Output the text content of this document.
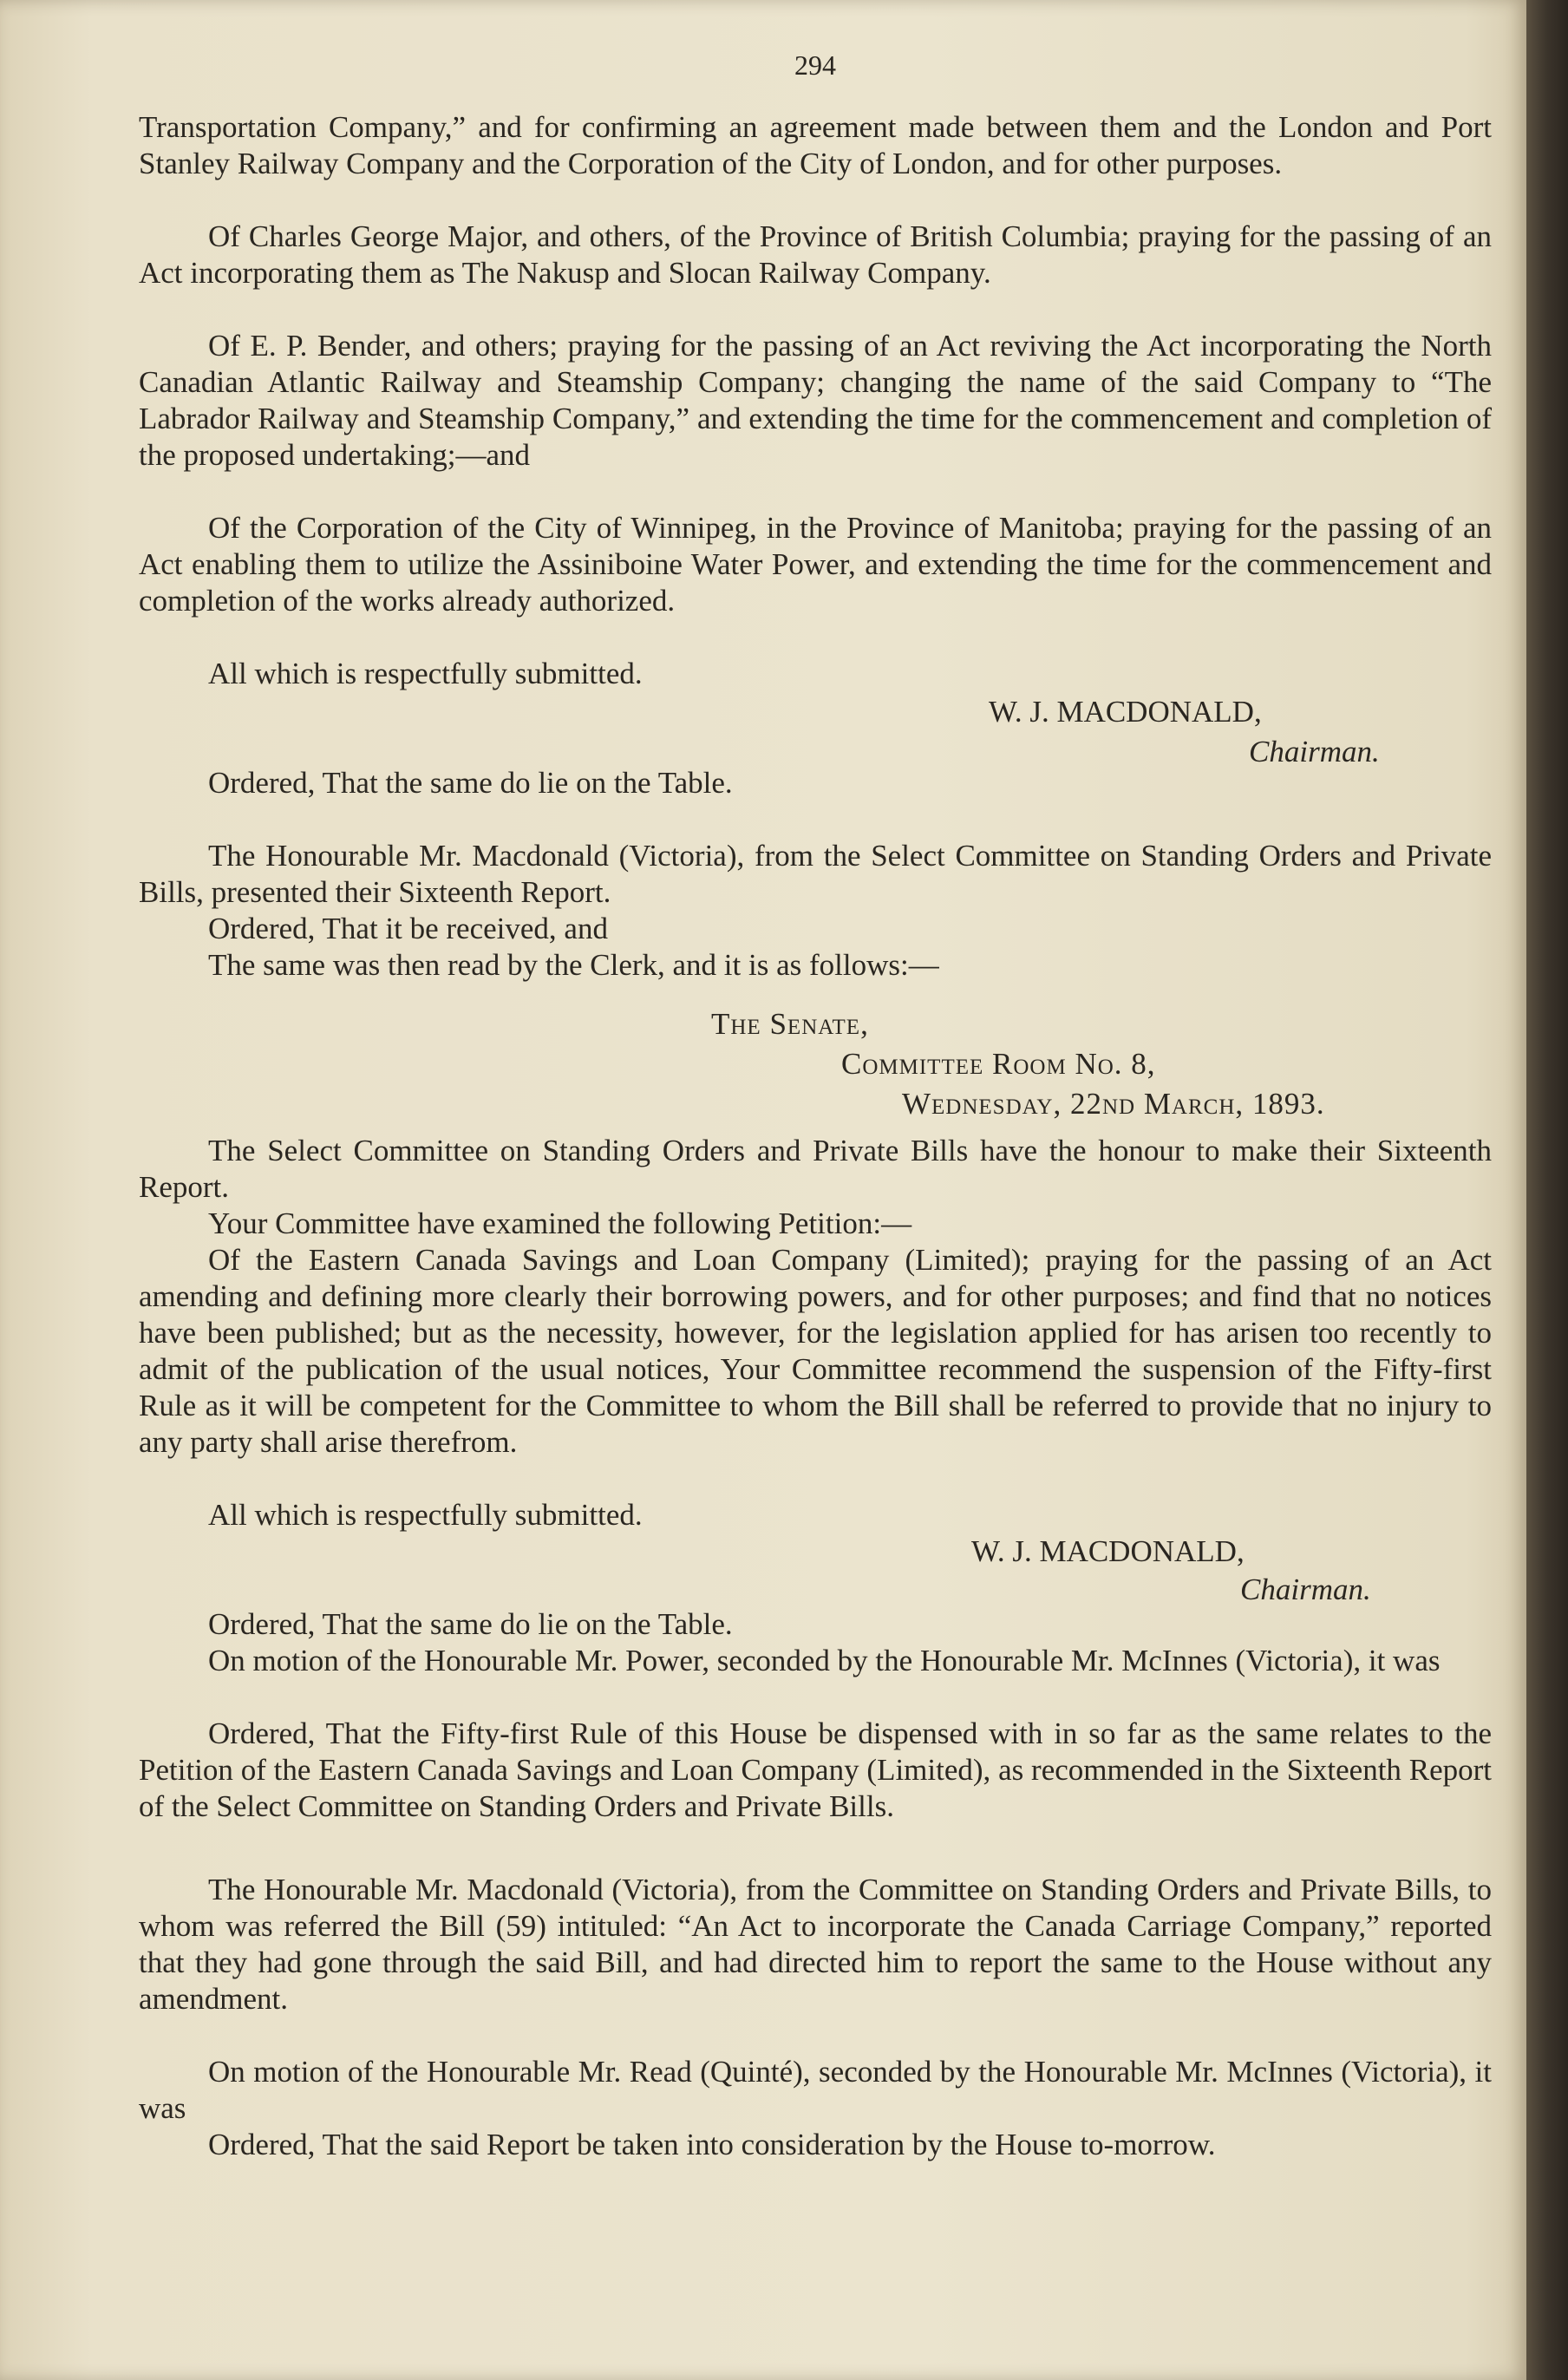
294

Transportation Company,” and for confirming an agreement made between them and the London and Port Stanley Railway Company and the Corporation of the City of London, and for other purposes.

Of Charles George Major, and others, of the Province of British Columbia; praying for the passing of an Act incorporating them as The Nakusp and Slocan Railway Company.

Of E. P. Bender, and others; praying for the passing of an Act reviving the Act incorporating the North Canadian Atlantic Railway and Steamship Company; changing the name of the said Company to “The Labrador Railway and Steamship Company,” and extending the time for the commencement and completion of the proposed undertaking;—and

Of the Corporation of the City of Winnipeg, in the Province of Manitoba; praying for the passing of an Act enabling them to utilize the Assiniboine Water Power, and extending the time for the commencement and completion of the works already authorized.

All which is respectfully submitted.

W. J. MACDONALD,
Chairman.

Ordered, That the same do lie on the Table.

The Honourable Mr. Macdonald (Victoria), from the Select Committee on Standing Orders and Private Bills, presented their Sixteenth Report.

Ordered, That it be received, and

The same was then read by the Clerk, and it is as follows:—

The Senate,
Committee Room No. 8,
Wednesday, 22nd March, 1893.

The Select Committee on Standing Orders and Private Bills have the honour to make their Sixteenth Report.

Your Committee have examined the following Petition:—

Of the Eastern Canada Savings and Loan Company (Limited); praying for the passing of an Act amending and defining more clearly their borrowing powers, and for other purposes; and find that no notices have been published; but as the necessity, however, for the legislation applied for has arisen too recently to admit of the publication of the usual notices, Your Committee recommend the suspension of the Fifty-first Rule as it will be competent for the Committee to whom the Bill shall be referred to provide that no injury to any party shall arise therefrom.

All which is respectfully submitted.

W. J. MACDONALD,
Chairman.

Ordered, That the same do lie on the Table.

On motion of the Honourable Mr. Power, seconded by the Honourable Mr. McInnes (Victoria), it was

Ordered, That the Fifty-first Rule of this House be dispensed with in so far as the same relates to the Petition of the Eastern Canada Savings and Loan Company (Limited), as recommended in the Sixteenth Report of the Select Committee on Standing Orders and Private Bills.

The Honourable Mr. Macdonald (Victoria), from the Committee on Standing Orders and Private Bills, to whom was referred the Bill (59) intituled: “An Act to incorporate the Canada Carriage Company,” reported that they had gone through the said Bill, and had directed him to report the same to the House without any amendment.

On motion of the Honourable Mr. Read (Quinté), seconded by the Honourable Mr. McInnes (Victoria), it was

Ordered, That the said Report be taken into consideration by the House to-morrow.
